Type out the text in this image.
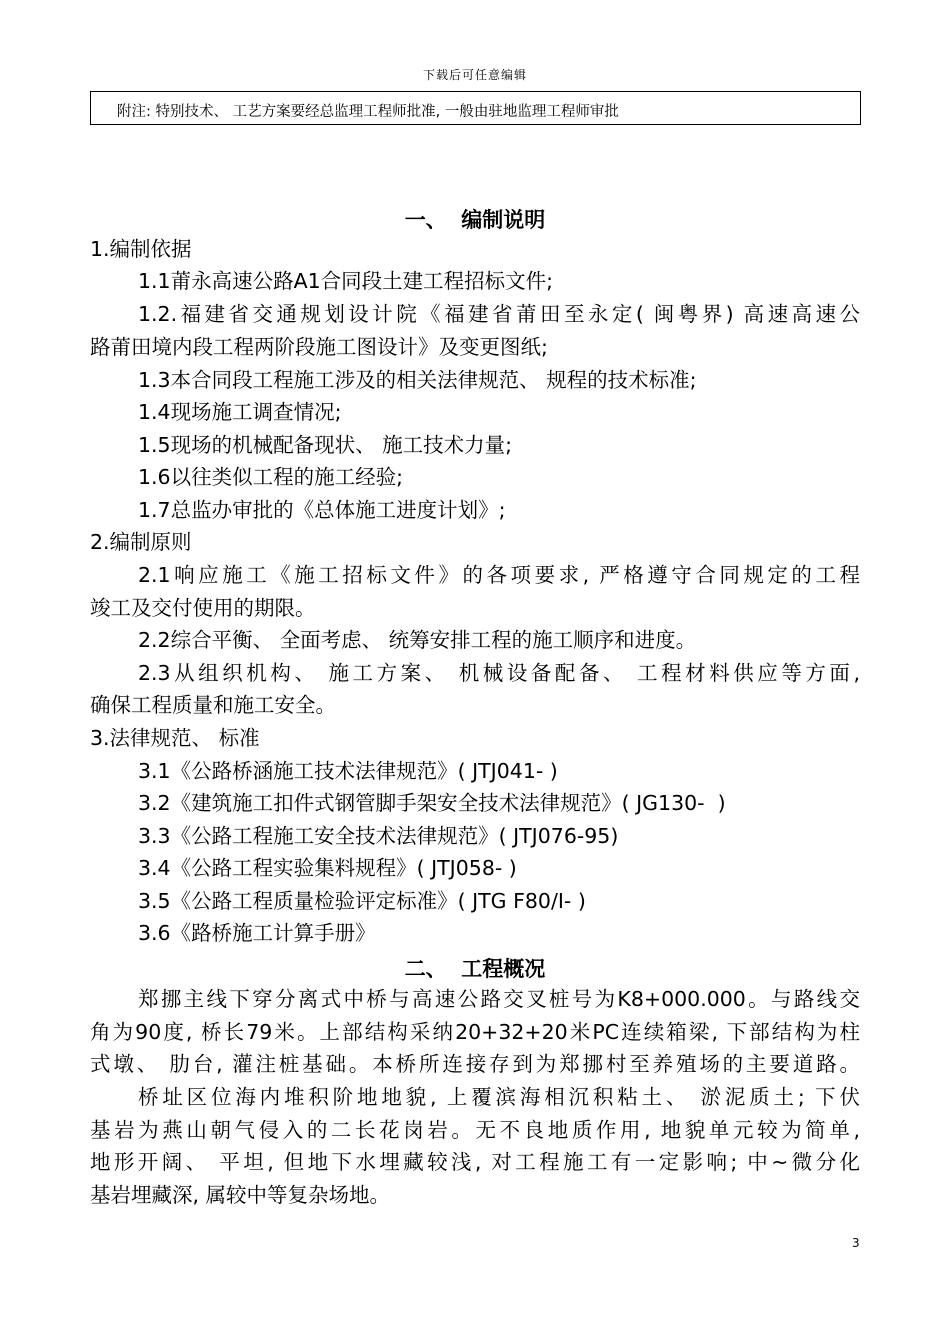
下载后可任意编辑
附注: 特别技术、 工艺方案要经总监理工程师批准, 一般由驻地监理工程师审批
一、  编制说明
1.编制依据
1.1莆永高速公路A1合同段土建工程招标文件;
1.2.福建省交通规划设计院《福建省莆田至永定( 闽粤界) 高速高速公
路莆田境内段工程两阶段施工图设计》及变更图纸;
1.3本合同段工程施工涉及的相关法律规范、 规程的技术标准;
1.4现场施工调查情况;
1.5现场的机械配备现状、 施工技术力量;
1.6以往类似工程的施工经验;
1.7总监办审批的《总体施工进度计划》;
2.编制原则
2.1响应施工《施工招标文件》的各项要求, 严格遵守合同规定的工程
竣工及交付使用的期限。
2.2综合平衡、 全面考虑、 统筹安排工程的施工顺序和进度。
2.3从组织机构、 施工方案、 机械设备配备、 工程材料供应等方面,
确保工程质量和施工安全。
3.法律规范、 标准
3.1《公路桥涵施工技术法律规范》( JTJ041- )
3.2《建筑施工扣件式钢管脚手架安全技术法律规范》( JG130-  )
3.3《公路工程施工安全技术法律规范》( JTJ076-95)
3.4《公路工程实验集料规程》( JTJ058- )
3.5《公路工程质量检验评定标准》( JTG F80/I- )
3.6《路桥施工计算手册》
二、  工程概况
郑挪主线下穿分离式中桥与高速公路交叉桩号为K8+000.000。与路线交
角为90度, 桥长79米。上部结构采纳20+32+20米PC连续箱梁, 下部结构为柱
式墩、 肋台, 灌注桩基础。本桥所连接存到为郑挪村至养殖场的主要道路。
桥址区位海内堆积阶地地貌, 上覆滨海相沉积粘土、 淤泥质土; 下伏
基岩为燕山朝气侵入的二长花岗岩。无不良地质作用, 地貌单元较为简单,
地形开阔、 平坦, 但地下水埋藏较浅, 对工程施工有一定影响; 中~微分化
基岩埋藏深, 属较中等复杂场地。
3
